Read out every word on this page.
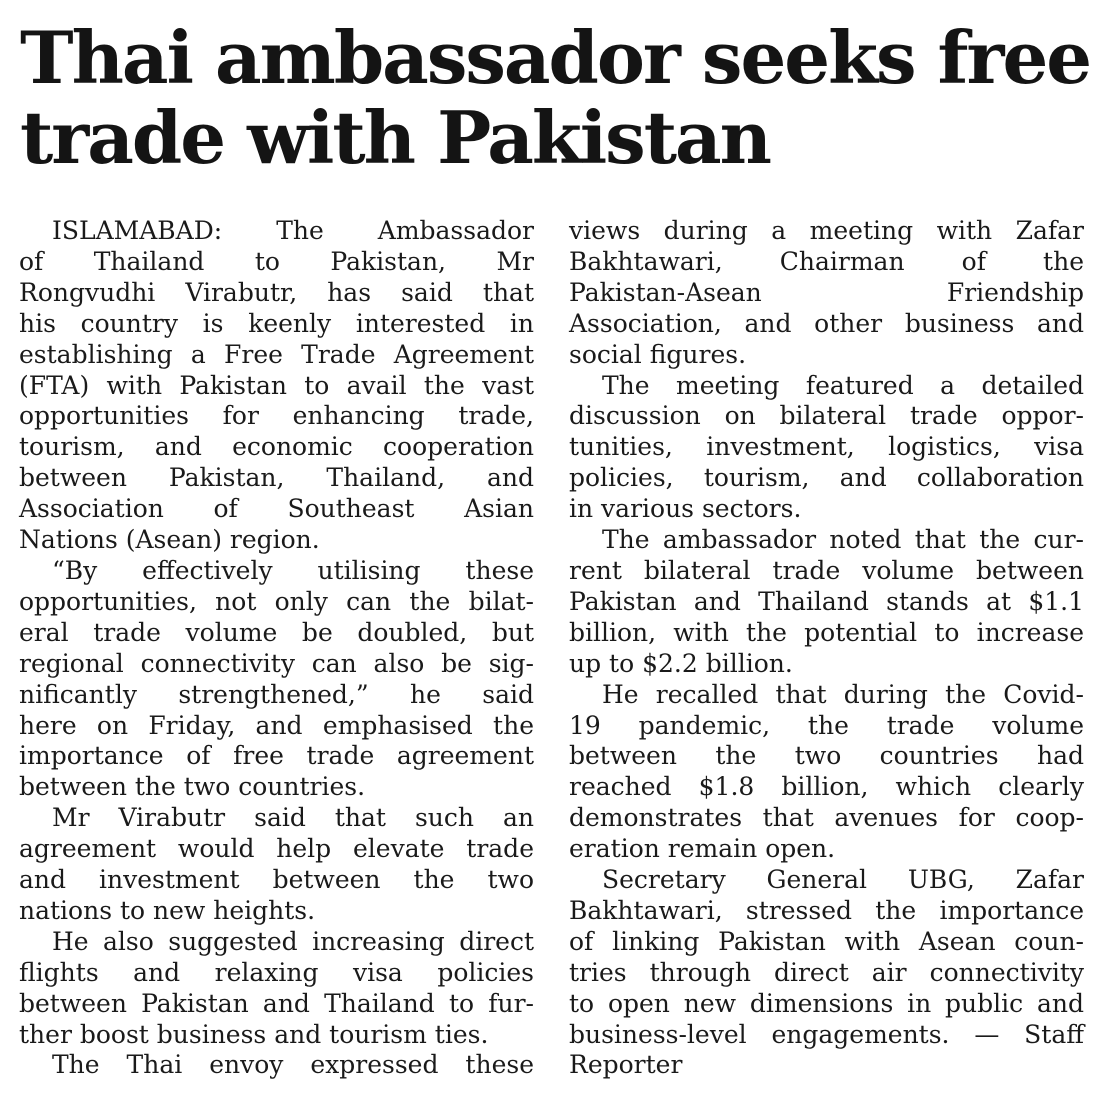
Thai ambassador seeks free
trade with Pakistan
ISLAMABAD: The Ambassador
of Thailand to Pakistan, Mr
Rongvudhi Virabutr, has said that
his country is keenly interested in
establishing a Free Trade Agreement
(FTA) with Pakistan to avail the vast
opportunities for enhancing trade,
tourism, and economic cooperation
between Pakistan, Thailand, and
Association of Southeast Asian
Nations (Asean) region.
“By effectively utilising these
opportunities, not only can the bilat-
eral trade volume be doubled, but
regional connectivity can also be sig-
nificantly strengthened,” he said
here on Friday, and emphasised the
importance of free trade agreement
between the two countries.
Mr Virabutr said that such an
agreement would help elevate trade
and investment between the two
nations to new heights.
He also suggested increasing direct
flights and relaxing visa policies
between Pakistan and Thailand to fur-
ther boost business and tourism ties.
The Thai envoy expressed these
views during a meeting with Zafar
Bakhtawari, Chairman of the
Pakistan-Asean Friendship
Association, and other business and
social figures.
The meeting featured a detailed
discussion on bilateral trade oppor-
tunities, investment, logistics, visa
policies, tourism, and collaboration
in various sectors.
The ambassador noted that the cur-
rent bilateral trade volume between
Pakistan and Thailand stands at $1.1
billion, with the potential to increase
up to $2.2 billion.
He recalled that during the Covid-
19 pandemic, the trade volume
between the two countries had
reached $1.8 billion, which clearly
demonstrates that avenues for coop-
eration remain open.
Secretary General UBG, Zafar
Bakhtawari, stressed the importance
of linking Pakistan with Asean coun-
tries through direct air connectivity
to open new dimensions in public and
business-level engagements. — Staff
Reporter
